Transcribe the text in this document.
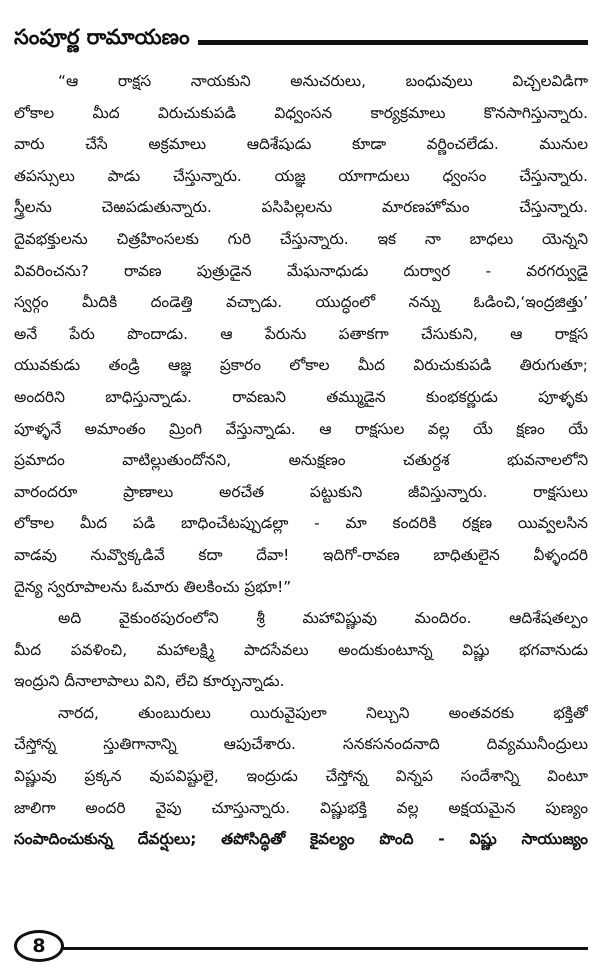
సంపూర్ణ రామాయణం
“ఆ రాక్షస నాయకుని అనుచరులు, బంధువులు విచ్చలవిడిగా
లోకాల మీద విరుచుకుపడి విధ్వంసన కార్యక్రమాలు కొనసాగిస్తున్నారు.
వారు చేసే అక్రమాలు ఆదిశేషుడు కూడా వర్ణించలేడు. మునుల
తపస్సులు పాడు చేస్తున్నారు. యజ్ఞ యాగాదులు ధ్వంసం చేస్తున్నారు.
స్త్రీలను చెఱపడుతున్నారు. పసిపిల్లలను మారణహోమం చేస్తున్నారు.
దైవభక్తులను చిత్రహింసలకు గురి చేస్తున్నారు. ఇక నా బాధలు యెన్నని
వివరించను? రావణ పుత్రుడైన మేఘనాధుడు దుర్వార - వరగర్వుడై
స్వర్గం మీదికి దండెత్తి వచ్చాడు. యుద్ధంలో నన్ను ఓడించి,‘ఇంద్రజిత్తు’
అనే పేరు పొందాడు. ఆ పేరును పతాకగా చేసుకుని, ఆ రాక్షస
యువకుడు తండ్రి ఆజ్ఞ ప్రకారం లోకాల మీద విరుచుకుపడి తిరుగుతూ;
అందరిని బాధిస్తున్నాడు. రావణుని తమ్ముడైన కుంభకర్ణుడు పూళ్ళకు
పూళ్ళనే అమాంతం మ్రింగి వేస్తున్నాడు. ఆ రాక్షసుల వల్ల యే క్షణం యే
ప్రమాదం వాటిల్లుతుందోనని, అనుక్షణం చతుర్దశ భువనాలలోని
వారందరూ ప్రాణాలు అరచేత పట్టుకుని జీవిస్తున్నారు. రాక్షసులు
లోకాల మీద పడి బాధించేటప్పుడల్లా - మా కందరికి రక్షణ యివ్వలసిన
వాడవు నువ్వొక్కడివే కదా దేవా! ఇదిగో-రావణ బాధితులైన వీళ్ళందరి
దైన్య స్వరూపాలను ఓమారు తిలకించు ప్రభూ!”
అది వైకుంఠపురంలోని శ్రీ మహావిష్ణువు మందిరం. ఆదిశేషతల్పం
మీద పవళించి, మహాలక్ష్మి పాదసేవలు అందుకుంటూన్న విష్ణు భగవానుడు
ఇంద్రుని దీనాలాపాలు విని, లేచి కూర్చున్నాడు.
నారద, తుంబురులు యిరువైపులా నిల్చుని అంతవరకు భక్తితో
చేస్తోన్న స్తుతిగానాన్ని ఆపుచేశారు. సనకసనందనాది దివ్యమునీంద్రులు
విష్ణువు ప్రక్కన వుపవిష్టులై, ఇంద్రుడు చేస్తోన్న విన్నప సందేశాన్ని వింటూ
జాలిగా అందరి వైపు చూస్తున్నారు. విష్ణుభక్తి వల్ల అక్షయమైన పుణ్యం
సంపాదించుకున్న దేవర్షులు; తపోసిద్ధితో కైవల్యం పొంది - విష్ణు సాయుజ్యం
8
